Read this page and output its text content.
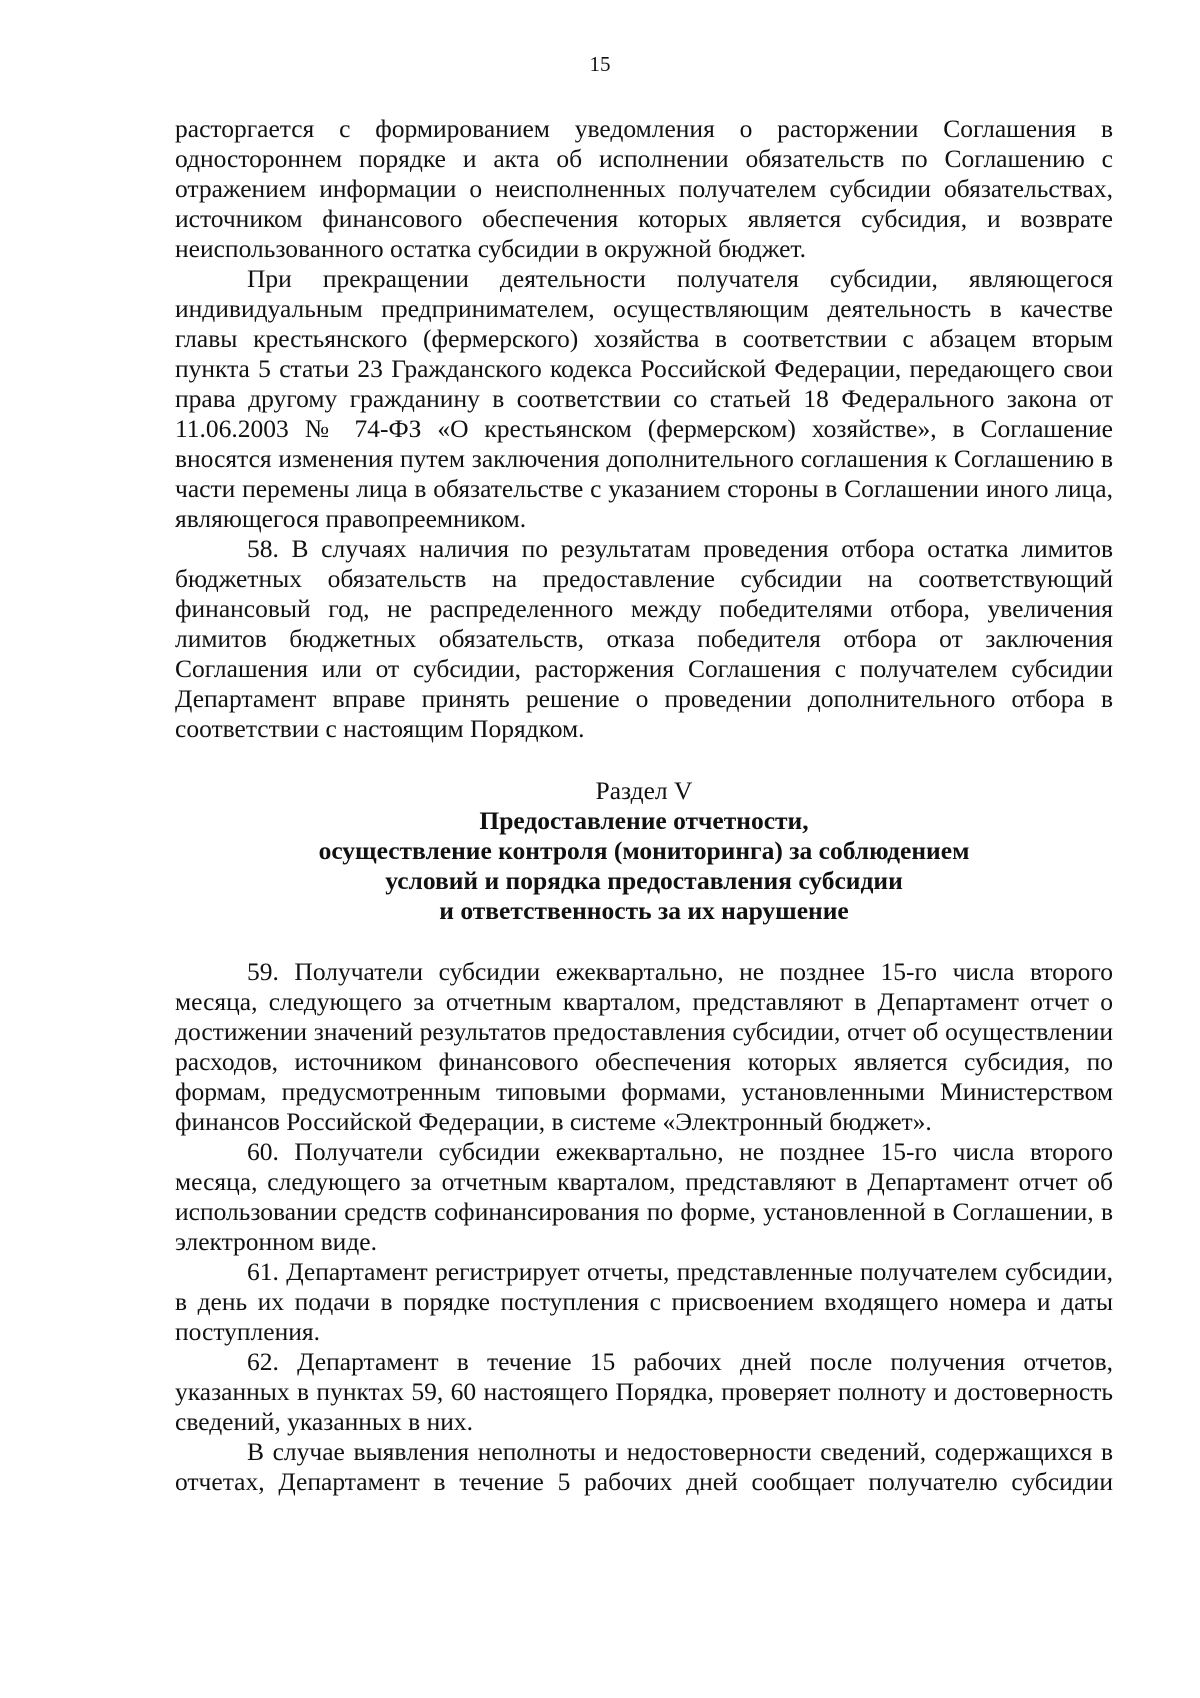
15

расторгается с формированием уведомления о расторжении Соглашения в одностороннем порядке и акта об исполнении обязательств по Соглашению с отражением информации о неисполненных получателем субсидии обязательствах, источником финансового обеспечения которых является субсидия, и возврате неиспользованного остатка субсидии в окружной бюджет.

При прекращении деятельности получателя субсидии, являющегося индивидуальным предпринимателем, осуществляющим деятельность в качестве главы крестьянского (фермерского) хозяйства в соответствии с абзацем вторым пункта 5 статьи 23 Гражданского кодекса Российской Федерации, передающего свои права другому гражданину в соответствии со статьей 18 Федерального закона от 11.06.2003 № 74-ФЗ «О крестьянском (фермерском) хозяйстве», в Соглашение вносятся изменения путем заключения дополнительного соглашения к Соглашению в части перемены лица в обязательстве с указанием стороны в Соглашении иного лица, являющегося правопреемником.

58. В случаях наличия по результатам проведения отбора остатка лимитов бюджетных обязательств на предоставление субсидии на соответствующий финансовый год, не распределенного между победителями отбора, увеличения лимитов бюджетных обязательств, отказа победителя отбора от заключения Соглашения или от субсидии, расторжения Соглашения с получателем субсидии Департамент вправе принять решение о проведении дополнительного отбора в соответствии с настоящим Порядком.

Раздел V
Предоставление отчетности,
осуществление контроля (мониторинга) за соблюдением
условий и порядка предоставления субсидии
и ответственность за их нарушение

59. Получатели субсидии ежеквартально, не позднее 15-го числа второго месяца, следующего за отчетным кварталом, представляют в Департамент отчет о достижении значений результатов предоставления субсидии, отчет об осуществлении расходов, источником финансового обеспечения которых является субсидия, по формам, предусмотренным типовыми формами, установленными Министерством финансов Российской Федерации, в системе «Электронный бюджет».

60. Получатели субсидии ежеквартально, не позднее 15-го числа второго месяца, следующего за отчетным кварталом, представляют в Департамент отчет об использовании средств софинансирования по форме, установленной в Соглашении, в электронном виде.

61. Департамент регистрирует отчеты, представленные получателем субсидии, в день их подачи в порядке поступления с присвоением входящего номера и даты поступления.

62. Департамент в течение 15 рабочих дней после получения отчетов, указанных в пунктах 59, 60 настоящего Порядка, проверяет полноту и достоверность сведений, указанных в них.

В случае выявления неполноты и недостоверности сведений, содержащихся в отчетах, Департамент в течение 5 рабочих дней сообщает получателю субсидии
